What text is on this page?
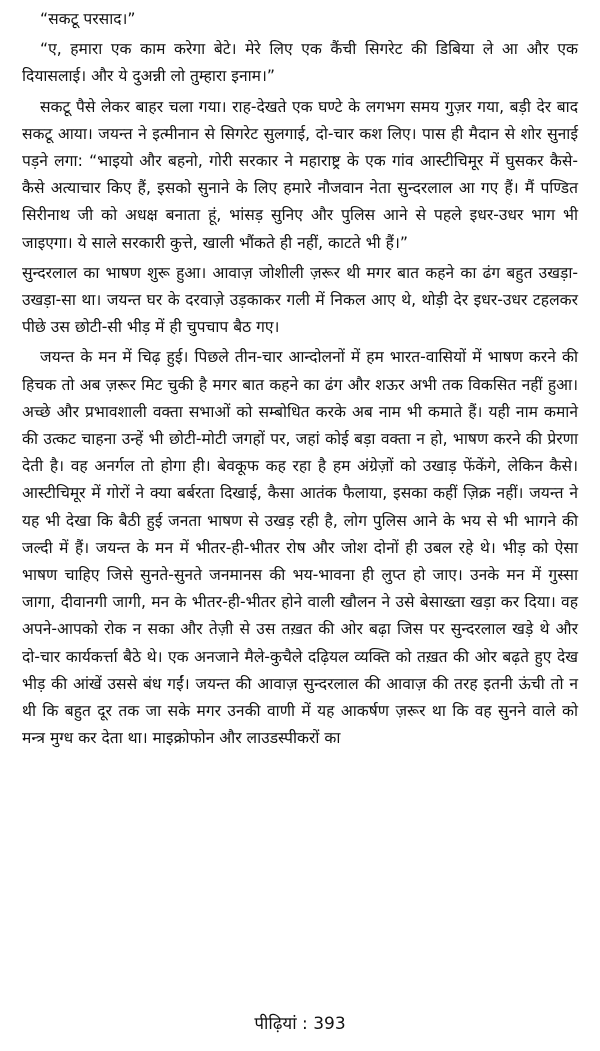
“सकटू परसाद।”

“ए, हमारा एक काम करेगा बेटे। मेरे लिए एक कैंची सिगरेट की डिबिया ले आ और एक दियासलाई। और ये दुअन्नी लो तुम्हारा इनाम।”

सकटू पैसे लेकर बाहर चला गया। राह-देखते एक घण्टे के लगभग समय गुज़र गया, बड़ी देर बाद सकटू आया। जयन्त ने इत्मीनान से सिगरेट सुलगाई, दो-चार कश लिए। पास ही मैदान से शोर सुनाई पड़ने लगा: “भाइयो और बहनो, गोरी सरकार ने महाराष्ट्र के एक गांव आस्टीचिमूर में घुसकर कैसे-कैसे अत्याचार किए हैं, इसको सुनाने के लिए हमारे नौजवान नेता सुन्दरलाल आ गए हैं। मैं पण्डित सिरीनाथ जी को अधक्ष बनाता हूं, भांसड़ सुनिए और पुलिस आने से पहले इधर-उधर भाग भी जाइएगा। ये साले सरकारी कुत्ते, खाली भौंकते ही नहीं, काटते भी हैं।”

सुन्दरलाल का भाषण शुरू हुआ। आवाज़ जोशीली ज़रूर थी मगर बात कहने का ढंग बहुत उखड़ा-उखड़ा-सा था। जयन्त घर के दरवाज़े उड़काकर गली में निकल आए थे, थोड़ी देर इधर-उधर टहलकर पीछे उस छोटी-सी भीड़ में ही चुपचाप बैठ गए।

जयन्त के मन में चिढ़ हुई। पिछले तीन-चार आन्दोलनों में हम भारत-वासियों में भाषण करने की हिचक तो अब ज़रूर मिट चुकी है मगर बात कहने का ढंग और शऊर अभी तक विकसित नहीं हुआ। अच्छे और प्रभावशाली वक्ता सभाओं को सम्बोधित करके अब नाम भी कमाते हैं। यही नाम कमाने की उत्कट चाहना उन्हें भी छोटी-मोटी जगहों पर, जहां कोई बड़ा वक्ता न हो, भाषण करने की प्रेरणा देती है। वह अनर्गल तो होगा ही। बेवकूफ कह रहा है हम अंग्रेज़ों को उखाड़ फेंकेंगे, लेकिन कैसे। आस्टीचिमूर में गोरों ने क्या बर्बरता दिखाई, कैसा आतंक फैलाया, इसका कहीं ज़िक्र नहीं। जयन्त ने यह भी देखा कि बैठी हुई जनता भाषण से उखड़ रही है, लोग पुलिस आने के भय से भी भागने की जल्दी में हैं। जयन्त के मन में भीतर-ही-भीतर रोष और जोश दोनों ही उबल रहे थे। भीड़ को ऐसा भाषण चाहिए जिसे सुनते-सुनते जनमानस की भय-भावना ही लुप्त हो जाए। उनके मन में गुस्सा जागा, दीवानगी जागी, मन के भीतर-ही-भीतर होने वाली खौलन ने उसे बेसाख्ता खड़ा कर दिया। वह अपने-आपको रोक न सका और तेज़ी से उस तख़त की ओर बढ़ा जिस पर सुन्दरलाल खड़े थे और दो-चार कार्यकर्त्ता बैठे थे। एक अनजाने मैले-कुचैले दढ़ियल व्यक्ति को तख़त की ओर बढ़ते हुए देख भीड़ की आंखें उससे बंध गईं। जयन्त की आवाज़ सुन्दरलाल की आवाज़ की तरह इतनी ऊंची तो न थी कि बहुत दूर तक जा सके मगर उनकी वाणी में यह आकर्षण ज़रूर था कि वह सुनने वाले को मन्त्र मुग्ध कर देता था। माइक्रोफोन और लाउडस्पीकरों का

पीढ़ियां : 393
